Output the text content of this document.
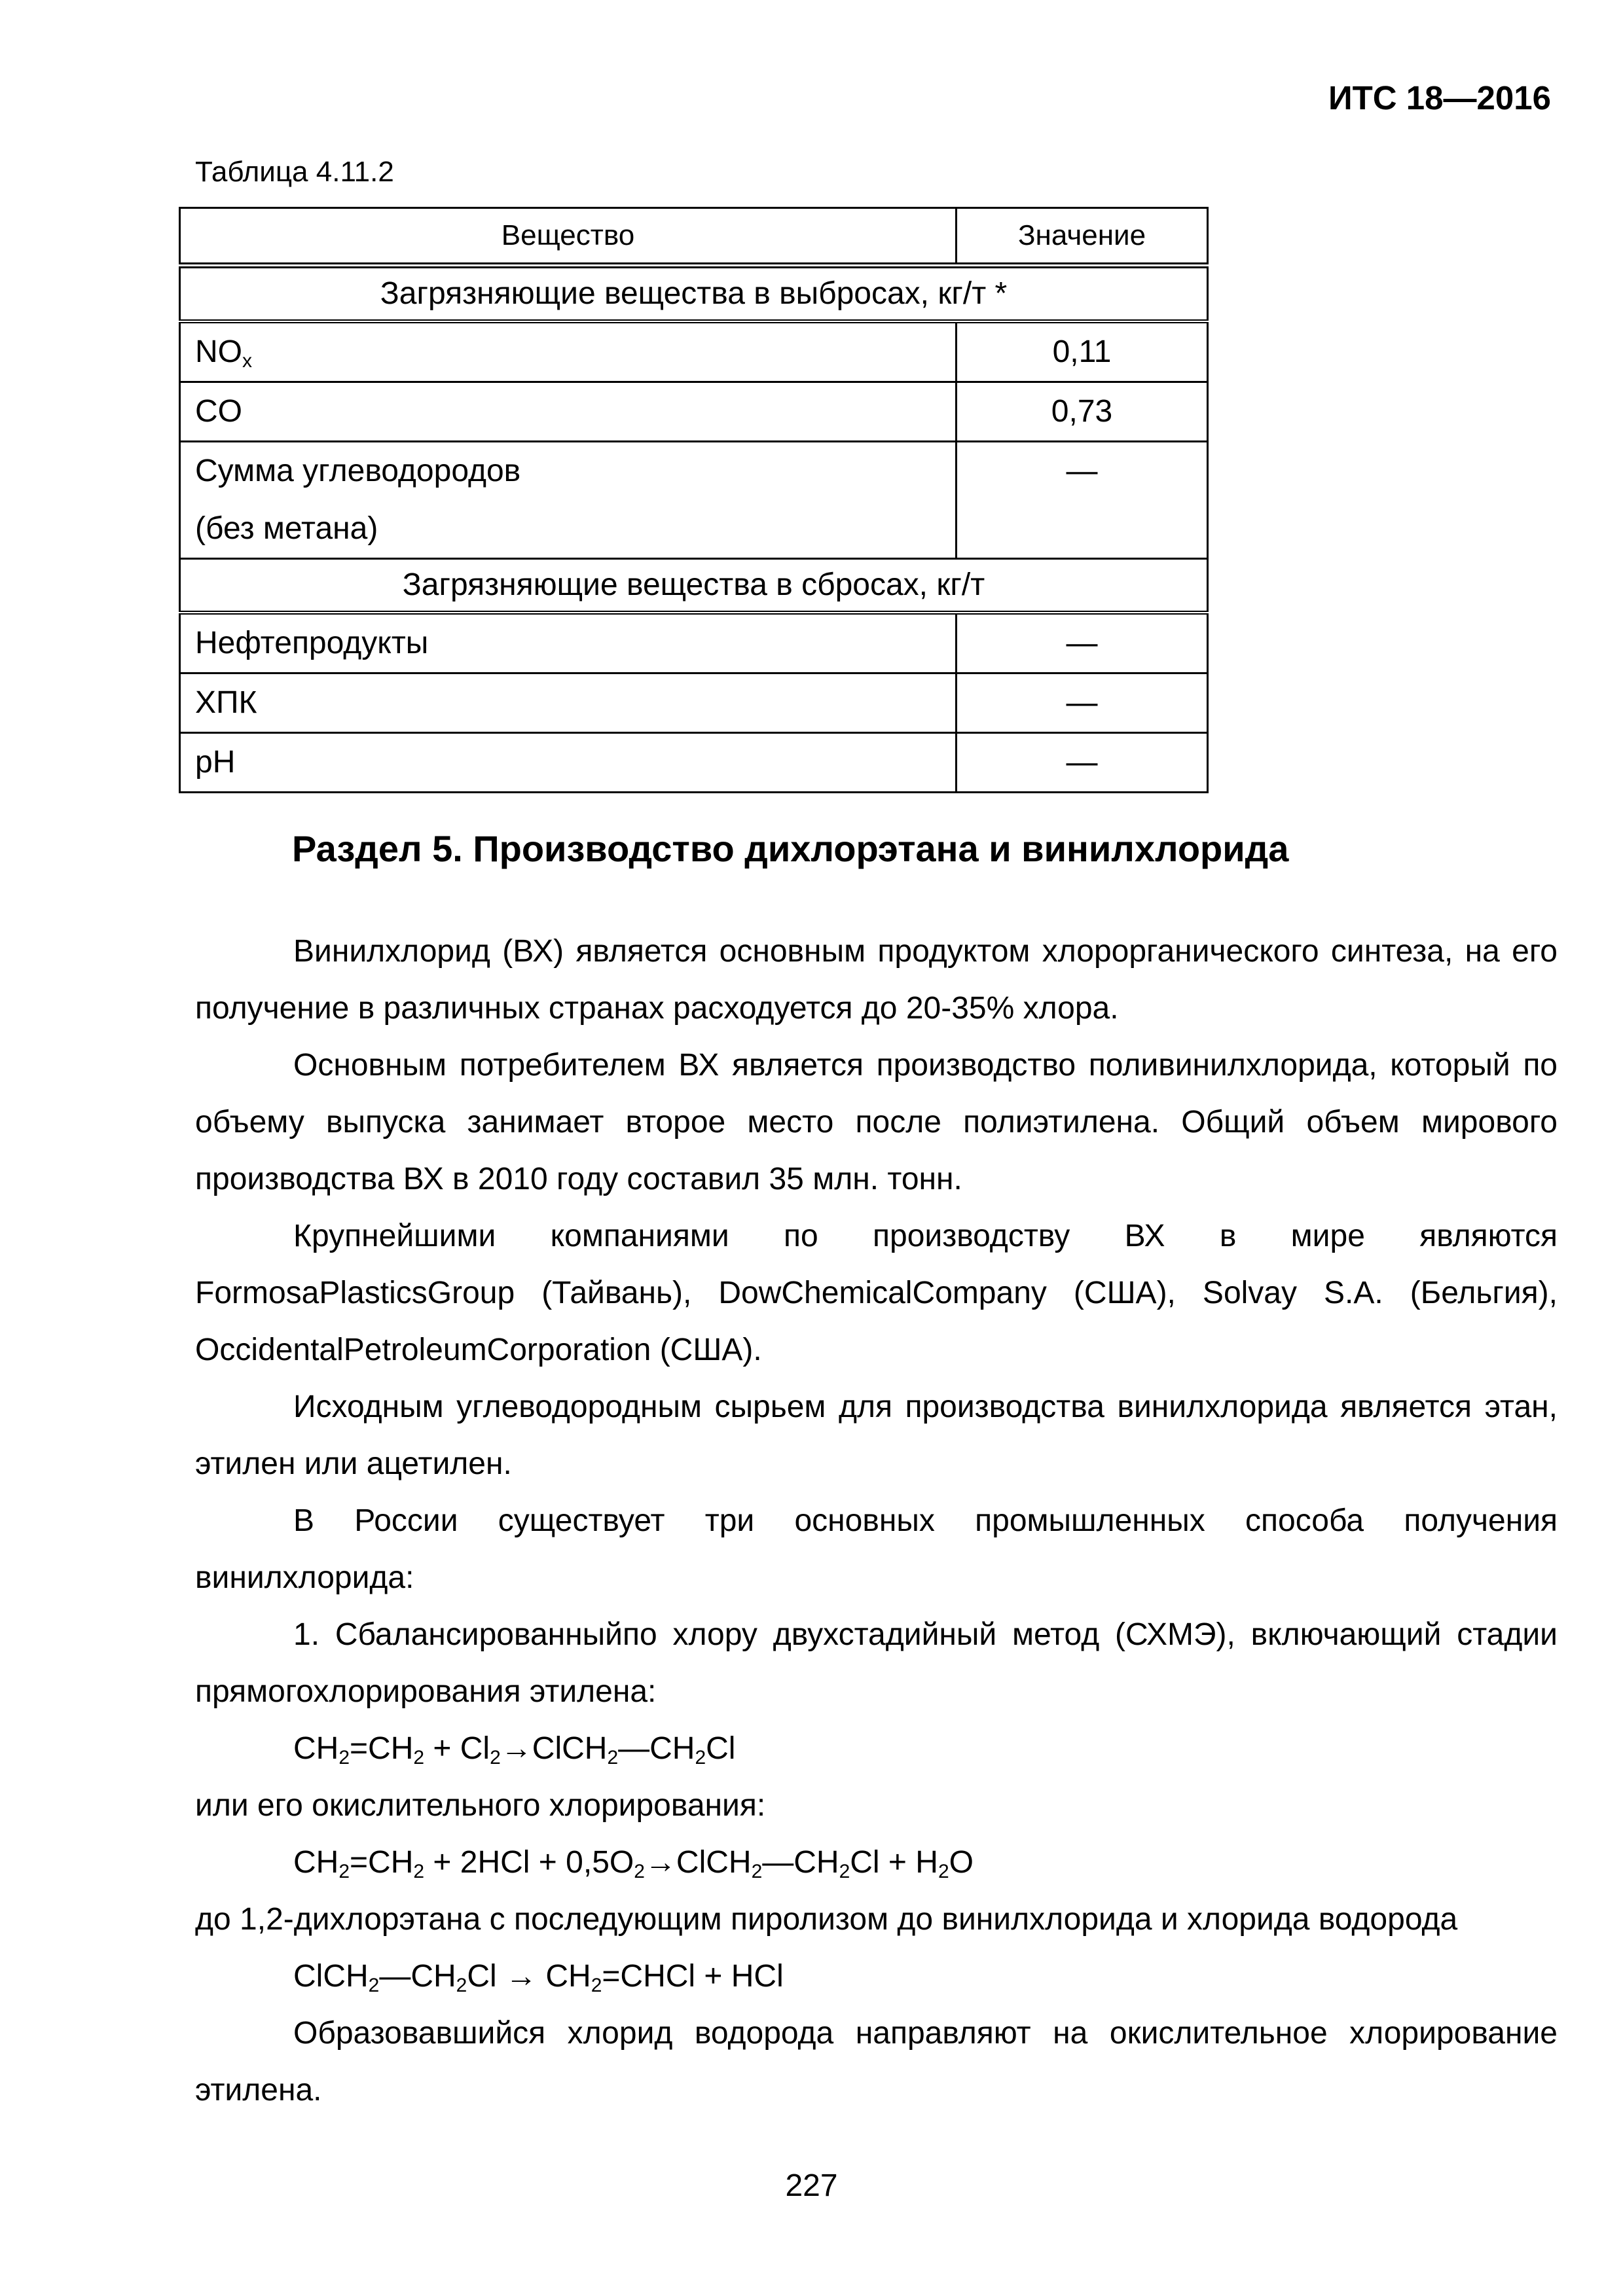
ИТС 18—2016
Таблица 4.11.2
Вещество	Значение
Загрязняющие вещества в выбросах, кг/т *	
$NO_x$	0,11
CO	0,73

Сумма углеводородов
(без метана)	—
Загрязняющие вещества в сбросах, кг/т	
Нефтепродукты	—
ХПК	—
pH	—
Раздел 5. Производство дихлорэтана и винилхлорида

Винилхлорид (ВХ) является основным продуктом хлорорганического синтеза, на его получение в различных странах расходуется до 20-35% хлора.

Основным потребителем ВХ является производство поливинилхлорида, который по объему выпуска занимает второе место после полиэтилена. Общий объем мирового производства ВХ в 2010 году составил 35 млн. тонн.

Крупнейшими компаниями по производству ВХ в мире являются FormosaPlasticsGroup (Тайвань), DowChemicalCompany (США), Solvay S.A. (Бельгия), OccidentalPetroleumCorporation (США).

Исходным углеводородным сырьем для производства винилхлорида является этан, этилен или ацетилен.

В России существует три основных промышленных способа получения винилхлорида:

1. Сбалансированныйпо хлору двухстадийный метод (СХМЭ), включающий стадии прямогохлорирования этилена:

$CH_2=CH_2$ + $Cl_2\to ClCH_2—CH_2Cl$

или его окислительного хлорирования:

$CH_2=CH_2 + 2HCl$ + $0,5O_2\to ClCH_2—CH_2Cl + H_2O$

до 1,2-дихлорэтана с последующим пиролизом до винилхлорида и хлорида водорода

$ClCH_2—CH_2Cl$ → $CH_2=CHCl$ + HCl

Образовавшийся хлорид водорода направляют на окислительное хлорирование этилена.

227
